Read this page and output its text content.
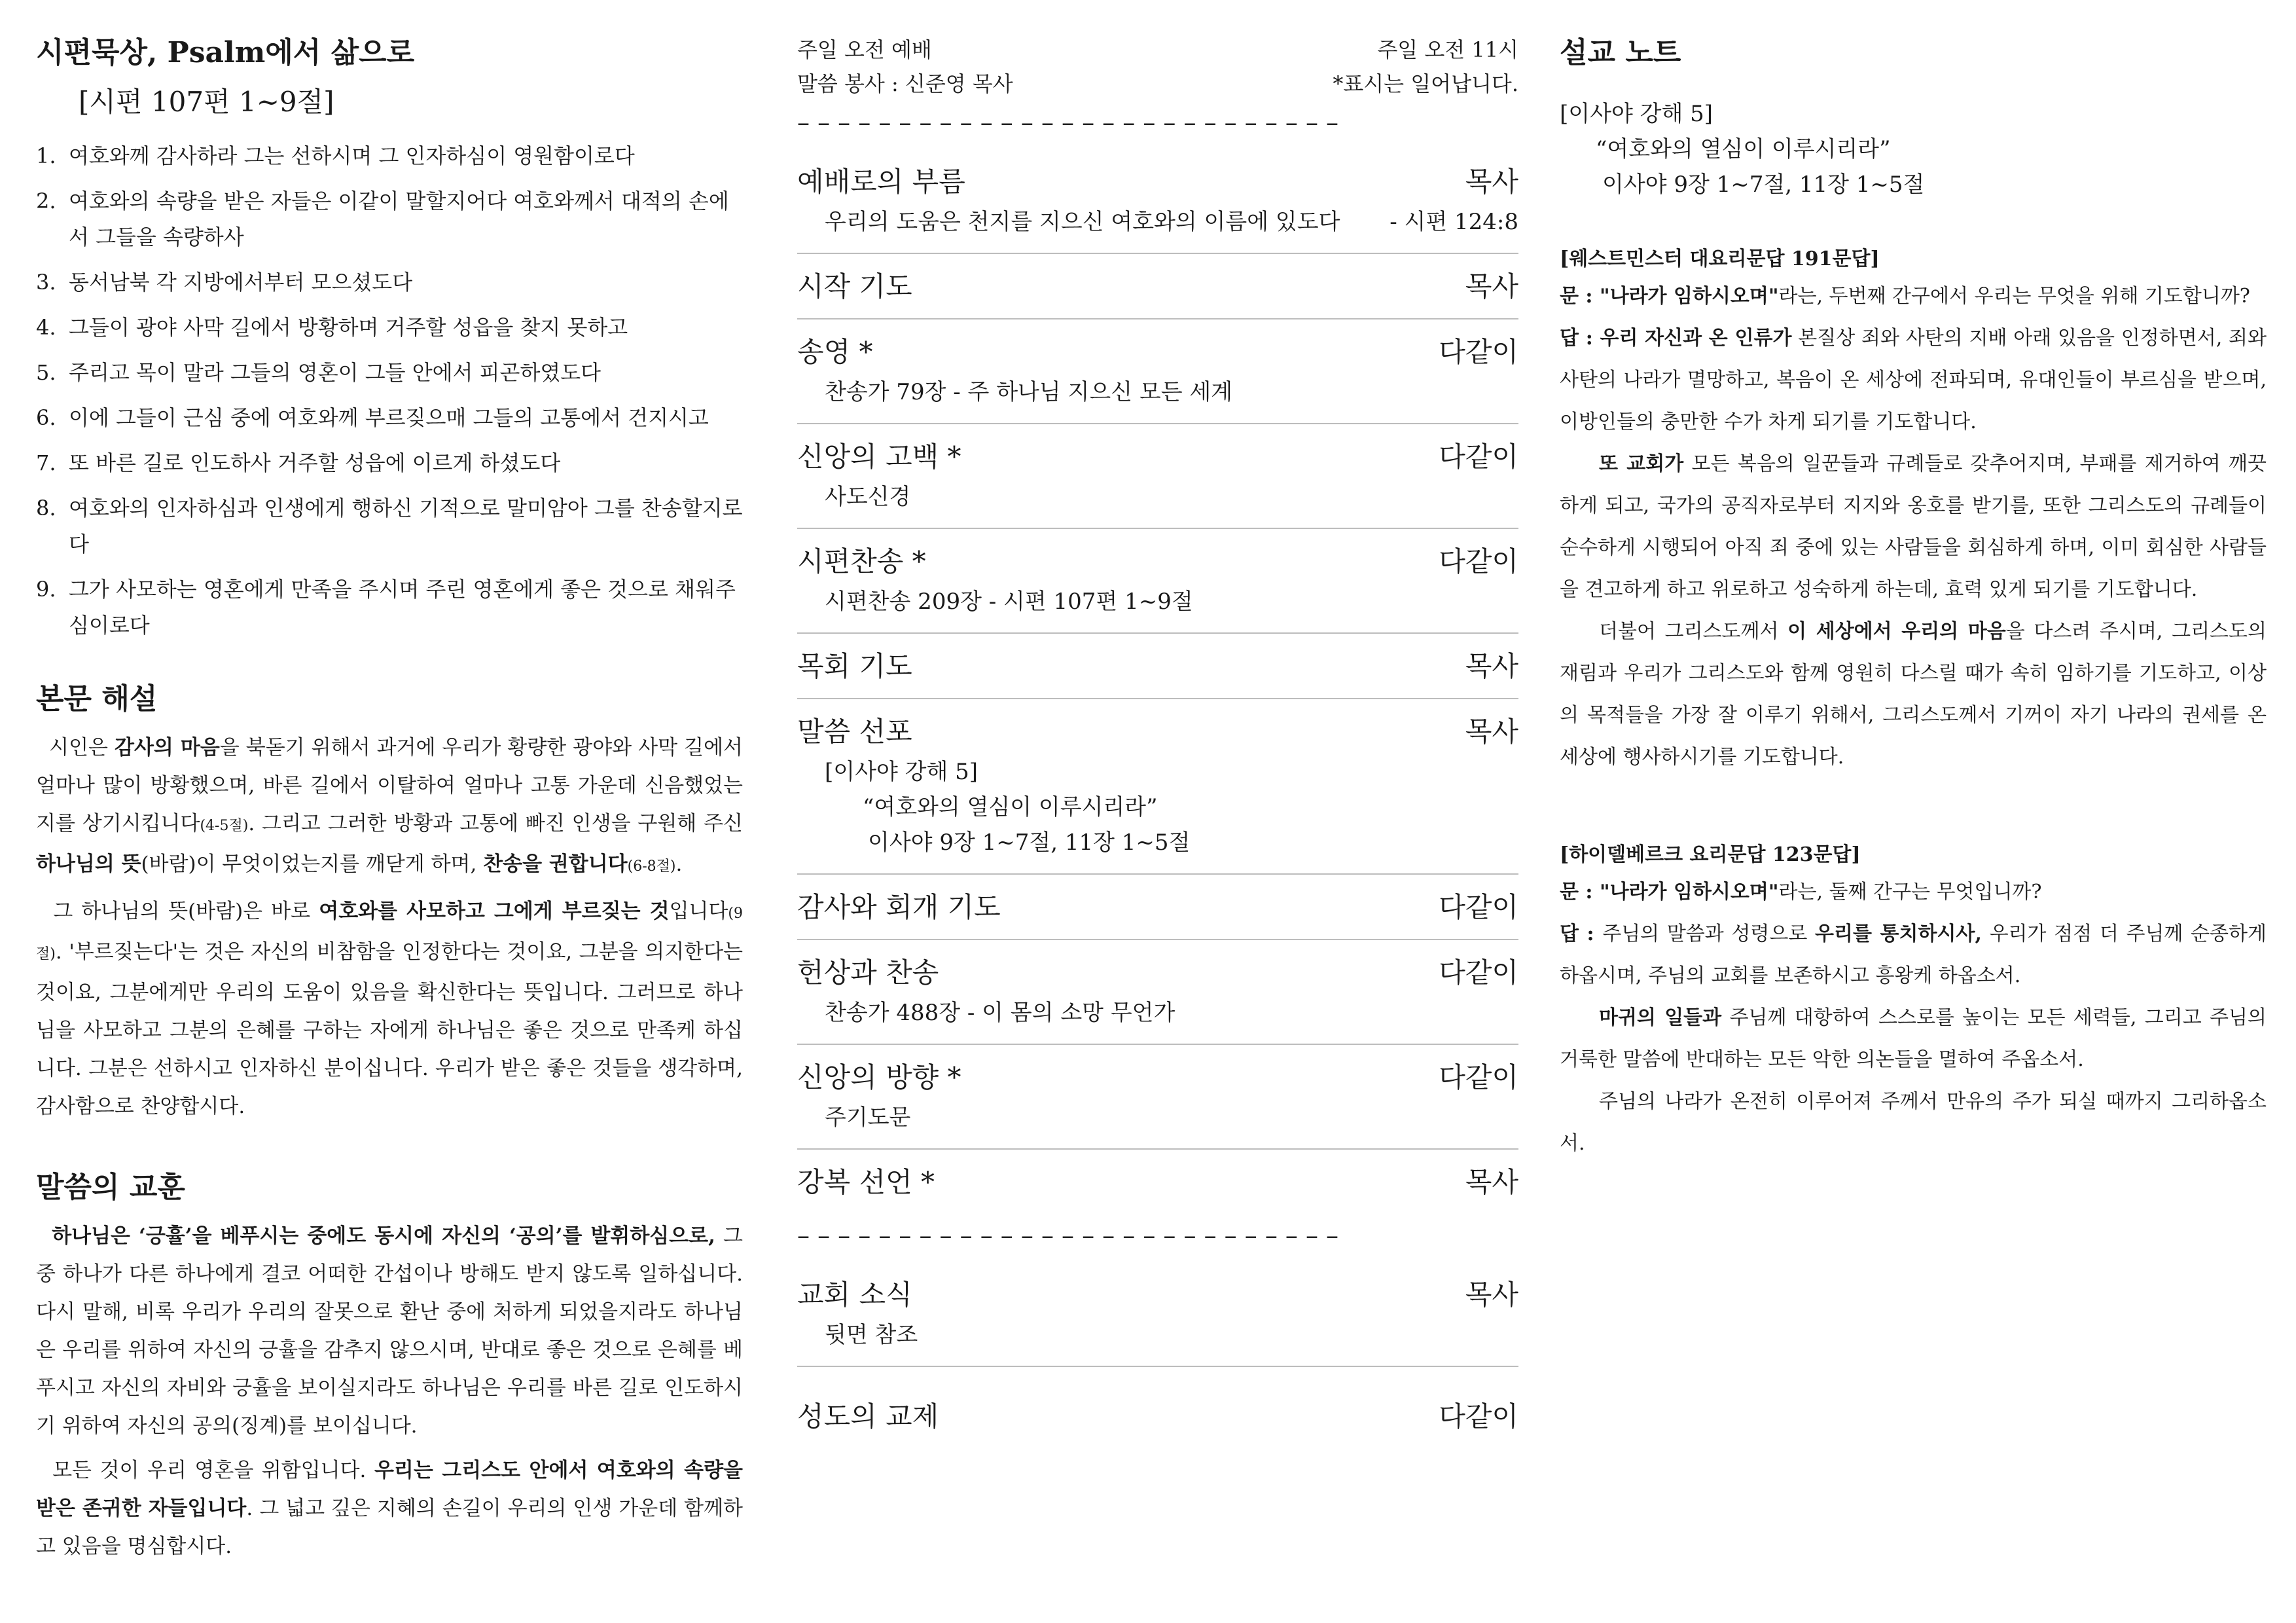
시편묵상, Psalm에서 삶으로
[시편 107편 1~9절]
1. 여호와께 감사하라 그는 선하시며 그 인자하심이 영원함이로다
2. 여호와의 속량을 받은 자들은 이같이 말할지어다 여호와께서 대적의 손에서 그들을 속량하사
3. 동서남북 각 지방에서부터 모으셨도다
4. 그들이 광야 사막 길에서 방황하며 거주할 성읍을 찾지 못하고
5. 주리고 목이 말라 그들의 영혼이 그들 안에서 피곤하였도다
6. 이에 그들이 근심 중에 여호와께 부르짖으매 그들의 고통에서 건지시고
7. 또 바른 길로 인도하사 거주할 성읍에 이르게 하셨도다
8. 여호와의 인자하심과 인생에게 행하신 기적으로 말미암아 그를 찬송할지로다
9. 그가 사모하는 영혼에게 만족을 주시며 주린 영혼에게 좋은 것으로 채워주심이로다
본문 해설

시인은 감사의 마음을 북돋기 위해서 과거에 우리가 황량한 광야와 사막 길에서 얼마나 많이 방황했으며, 바른 길에서 이탈하여 얼마나 고통 가운데 신음했었는지를 상기시킵니다(4-5절). 그리고 그러한 방황과 고통에 빠진 인생을 구원해 주신 하나님의 뜻(바람)이 무엇이었는지를 깨닫게 하며, 찬송을 권합니다(6-8절).

그 하나님의 뜻(바람)은 바로 여호와를 사모하고 그에게 부르짖는 것입니다(9절). '부르짖는다'는 것은 자신의 비참함을 인정한다는 것이요, 그분을 의지한다는 것이요, 그분에게만 우리의 도움이 있음을 확신한다는 뜻입니다. 그러므로 하나님을 사모하고 그분의 은혜를 구하는 자에게 하나님은 좋은 것으로 만족케 하십니다. 그분은 선하시고 인자하신 분이십니다. 우리가 받은 좋은 것들을 생각하며, 감사함으로 찬양합시다.

말씀의 교훈

하나님은 ‘긍휼’을 베푸시는 중에도 동시에 자신의 ‘공의’를 발휘하심으로, 그중 하나가 다른 하나에게 결코 어떠한 간섭이나 방해도 받지 않도록 일하십니다. 다시 말해, 비록 우리가 우리의 잘못으로 환난 중에 처하게 되었을지라도 하나님은 우리를 위하여 자신의 긍휼을 감추지 않으시며, 반대로 좋은 것으로 은혜를 베푸시고 자신의 자비와 긍휼을 보이실지라도 하나님은 우리를 바른 길로 인도하시기 위하여 자신의 공의(징계)를 보이십니다.

모든 것이 우리 영혼을 위함입니다. 우리는 그리스도 안에서 여호와의 속량을 받은 존귀한 자들입니다. 그 넓고 깊은 지혜의 손길이 우리의 인생 가운데 함께하고 있음을 명심합시다.

주일 오전 예배	주일 오전 11시
말씀 봉사 : 신준영 목사	*표시는 일어납니다.
– – – – – – – – – – – – – – – – – – – – – – – – – – –
예배로의 부름	목사
우리의 도움은 천지를 지으신 여호와의 이름에 있도다 - 시편 124:8
시작 기도	목사
송영 *	다같이
찬송가 79장 - 주 하나님 지으신 모든 세계
신앙의 고백 *	다같이
사도신경
시편찬송 *	다같이
시편찬송 209장 - 시편 107편 1~9절
목회 기도	목사
말씀 선포	목사
[이사야 강해 5]
“여호와의 열심이 이루시리라”
이사야 9장 1~7절, 11장 1~5절
감사와 회개 기도	다같이
헌상과 찬송	다같이
찬송가 488장 - 이 몸의 소망 무언가
신앙의 방향 *	다같이
주기도문
강복 선언 *	목사
– – – – – – – – – – – – – – – – – – – – – – – – – – –
교회 소식	목사
뒷면 참조
성도의 교제	다같이
설교 노트
[이사야 강해 5]
“여호와의 열심이 이루시리라”
이사야 9장 1~7절, 11장 1~5절
[웨스트민스터 대요리문답 191문답]

문 : "나라가 임하시오며"라는, 두번째 간구에서 우리는 무엇을 위해 기도합니까?

답 : 우리 자신과 온 인류가 본질상 죄와 사탄의 지배 아래 있음을 인정하면서, 죄와 사탄의 나라가 멸망하고, 복음이 온 세상에 전파되며, 유대인들이 부르심을 받으며, 이방인들의 충만한 수가 차게 되기를 기도합니다.

또 교회가 모든 복음의 일꾼들과 규례들로 갖추어지며, 부패를 제거하여 깨끗하게 되고, 국가의 공직자로부터 지지와 옹호를 받기를, 또한 그리스도의 규례들이 순수하게 시행되어 아직 죄 중에 있는 사람들을 회심하게 하며, 이미 회심한 사람들을 견고하게 하고 위로하고 성숙하게 하는데, 효력 있게 되기를 기도합니다.

더불어 그리스도께서 이 세상에서 우리의 마음을 다스려 주시며, 그리스도의 재림과 우리가 그리스도와 함께 영원히 다스릴 때가 속히 임하기를 기도하고, 이상의 목적들을 가장 잘 이루기 위해서, 그리스도께서 기꺼이 자기 나라의 권세를 온 세상에 행사하시기를 기도합니다.

[하이델베르크 요리문답 123문답]

문 : "나라가 임하시오며"라는, 둘째 간구는 무엇입니까?

답 : 주님의 말씀과 성령으로 우리를 통치하시사, 우리가 점점 더 주님께 순종하게 하옵시며, 주님의 교회를 보존하시고 흥왕케 하옵소서.

마귀의 일들과 주님께 대항하여 스스로를 높이는 모든 세력들, 그리고 주님의 거룩한 말씀에 반대하는 모든 악한 의논들을 멸하여 주옵소서.

주님의 나라가 온전히 이루어져 주께서 만유의 주가 되실 때까지 그리하옵소서.
